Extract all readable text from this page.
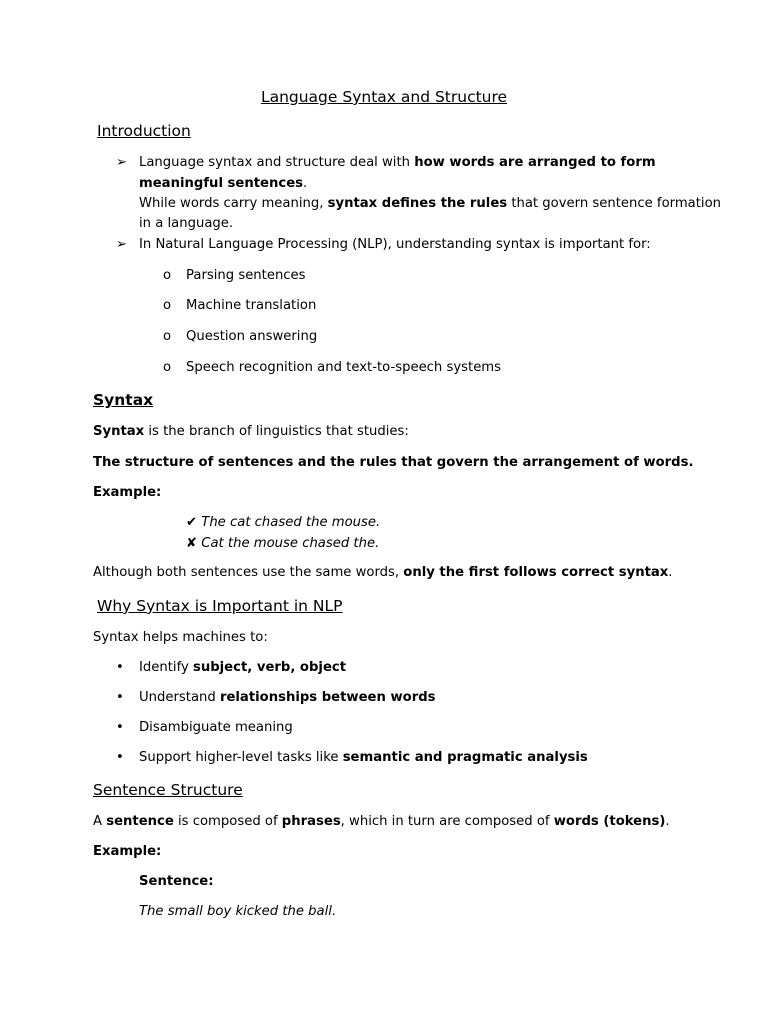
Language Syntax and Structure
Introduction
➢ Language syntax and structure deal with how words are arranged to form
meaningful sentences.
While words carry meaning, syntax defines the rules that govern sentence formation
in a language.
➢ In Natural Language Processing (NLP), understanding syntax is important for:
o Parsing sentences
o Machine translation
o Question answering
o Speech recognition and text-to-speech systems
Syntax
Syntax is the branch of linguistics that studies:
The structure of sentences and the rules that govern the arrangement of words.
Example:
✔ The cat chased the mouse.
✘ Cat the mouse chased the.
Although both sentences use the same words, only the first follows correct syntax.
Why Syntax is Important in NLP
Syntax helps machines to:
• Identify subject, verb, object
• Understand relationships between words
• Disambiguate meaning
• Support higher-level tasks like semantic and pragmatic analysis
Sentence Structure
A sentence is composed of phrases, which in turn are composed of words (tokens).
Example:
Sentence:
The small boy kicked the ball.
